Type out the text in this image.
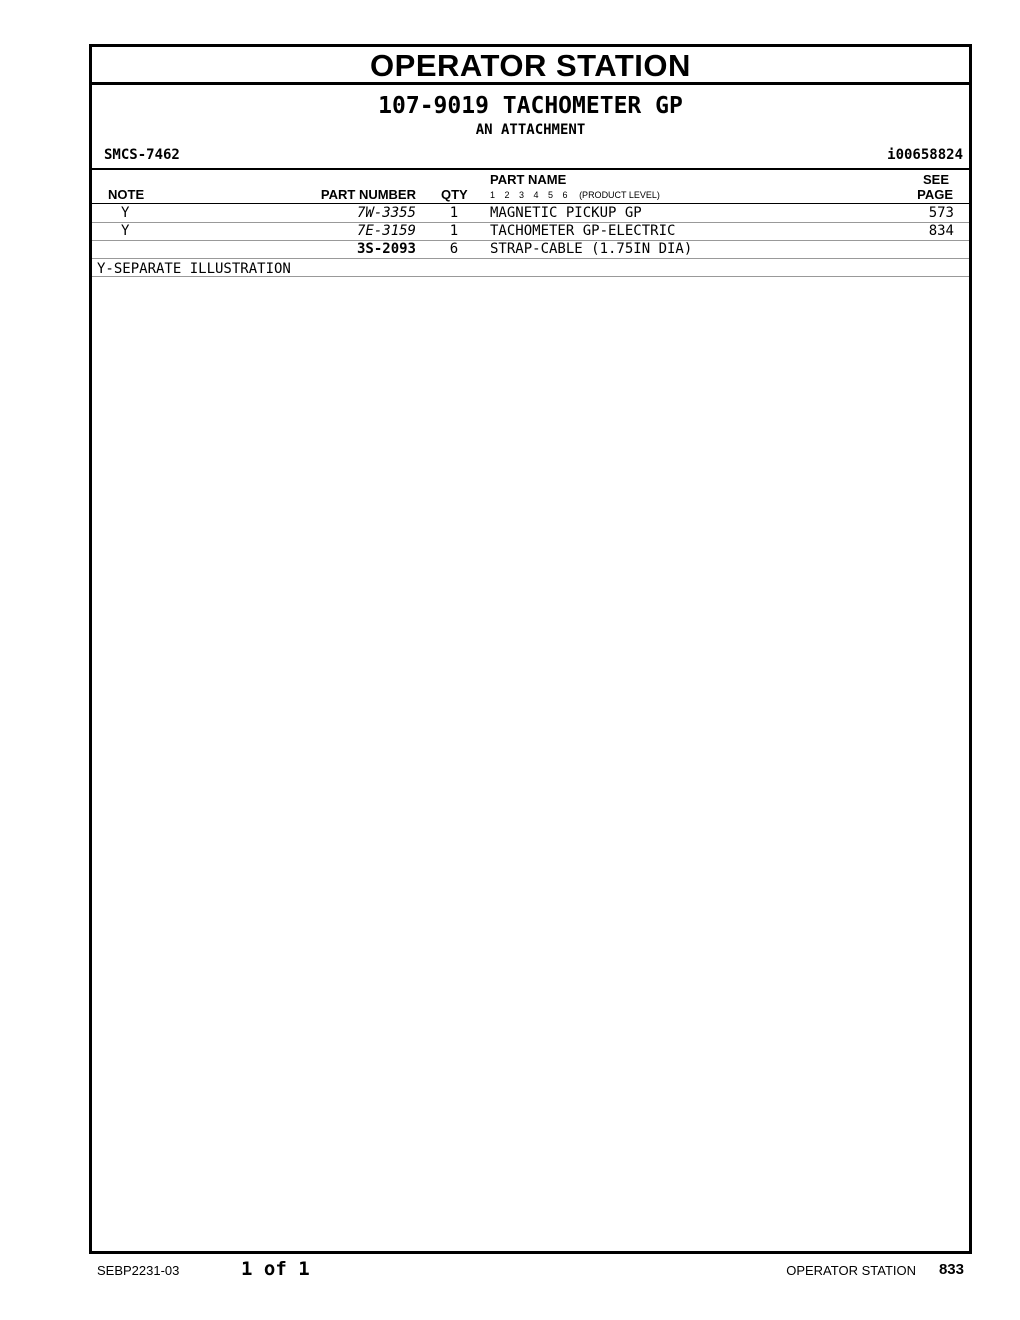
OPERATOR STATION
107-9019 TACHOMETER GP
AN ATTACHMENT
SMCS-7462	i00658824
PART NAME	SEE
NOTE	PART NUMBER QTY 1 2 3 4 5 6 (PRODUCT LEVEL)	PAGE
Y	7W-3355 1 MAGNETIC PICKUP GP	573
Y	7E-3159 1 TACHOMETER GP-ELECTRIC	834
3S-2093 6 STRAP-CABLE (1.75IN DIA)
Y-SEPARATE ILLUSTRATION
SEBP2231-03	1 of 1	OPERATOR STATION 833
